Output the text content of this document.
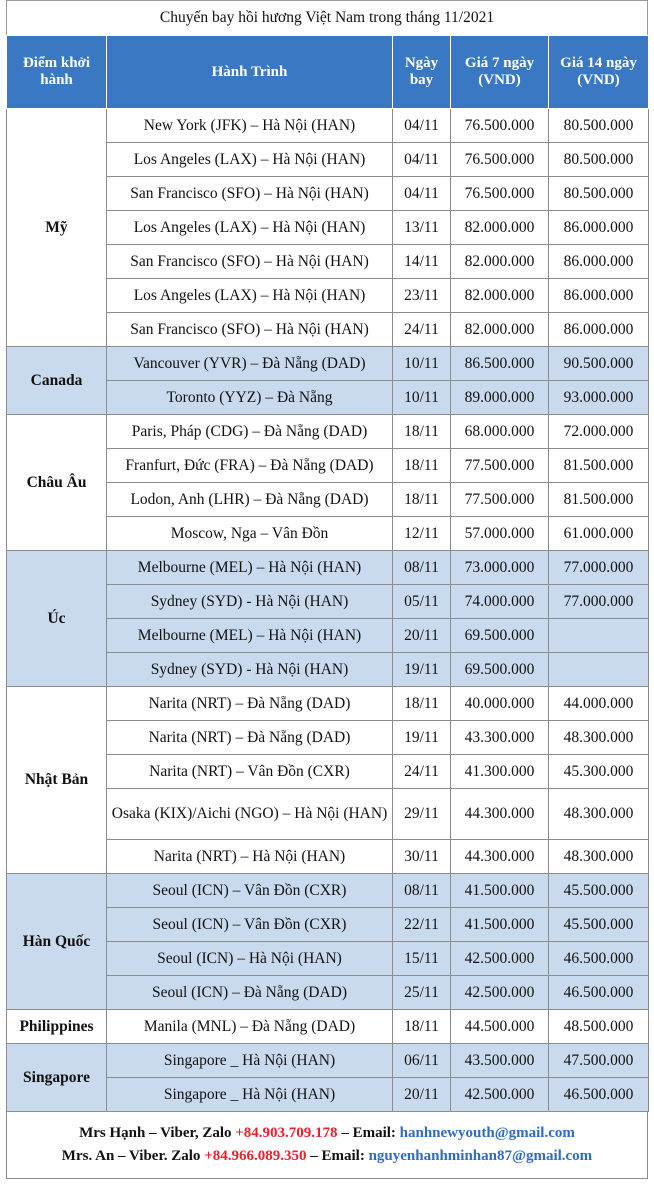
Chuyến bay hồi hương Việt Nam trong tháng 11/2021
Điểm khởi hành	Hành Trình	Ngày bay	Giá 7 ngày (VND)	Giá 14 ngày (VND)
Mỹ	New York (JFK) – Hà Nội (HAN)	04/11	76.500.000	80.500.000
	Los Angeles (LAX) – Hà Nội (HAN)	04/11	76.500.000	80.500.000
	San Francisco (SFO) – Hà Nội (HAN)	04/11	76.500.000	80.500.000
	Los Angeles (LAX) – Hà Nội (HAN)	13/11	82.000.000	86.000.000
	San Francisco (SFO) – Hà Nội (HAN)	14/11	82.000.000	86.000.000
	Los Angeles (LAX) – Hà Nội (HAN)	23/11	82.000.000	86.000.000
	San Francisco (SFO) – Hà Nội (HAN)	24/11	82.000.000	86.000.000
Canada	Vancouver (YVR) – Đà Nẵng (DAD)	10/11	86.500.000	90.500.000
	Toronto (YYZ) – Đà Nẵng	10/11	89.000.000	93.000.000
Châu Âu	Paris, Pháp (CDG) – Đà Nẵng (DAD)	18/11	68.000.000	72.000.000
	Franfurt, Đức (FRA) – Đà Nẵng (DAD)	18/11	77.500.000	81.500.000
	Lodon, Anh (LHR) – Đà Nẵng (DAD)	18/11	77.500.000	81.500.000
	Moscow, Nga – Vân Đồn	12/11	57.000.000	61.000.000
Úc	Melbourne (MEL) – Hà Nội (HAN)	08/11	73.000.000	77.000.000
	Sydney (SYD) - Hà Nội (HAN)	05/11	74.000.000	77.000.000
	Melbourne (MEL) – Hà Nội (HAN)	20/11	69.500.000	
	Sydney (SYD) - Hà Nội (HAN)	19/11	69.500.000	
Nhật Bản	Narita (NRT) – Đà Nẵng (DAD)	18/11	40.000.000	44.000.000
	Narita (NRT) – Đà Nẵng (DAD)	19/11	43.300.000	48.300.000
	Narita (NRT) – Vân Đồn (CXR)	24/11	41.300.000	45.300.000
	Osaka (KIX)/Aichi (NGO) – Hà Nội (HAN)	29/11	44.300.000	48.300.000
	Narita (NRT) – Hà Nội (HAN)	30/11	44.300.000	48.300.000
Hàn Quốc	Seoul (ICN) – Vân Đồn (CXR)	08/11	41.500.000	45.500.000
	Seoul (ICN) – Vân Đồn (CXR)	22/11	41.500.000	45.500.000
	Seoul (ICN) – Hà Nội (HAN)	15/11	42.500.000	46.500.000
	Seoul (ICN) – Đà Nẵng (DAD)	25/11	42.500.000	46.500.000
Philippines	Manila (MNL) – Đà Nẵng (DAD)	18/11	44.500.000	48.500.000
Singapore	Singapore _ Hà Nội (HAN)	06/11	43.500.000	47.500.000
	Singapore _ Hà Nội (HAN)	20/11	42.500.000	46.500.000
Mrs Hạnh – Viber, Zalo +84.903.709.178 – Email: hanhnewyouth@gmail.com
Mrs. An – Viber. Zalo +84.966.089.350 – Email: nguyenhanhminhan87@gmail.com
